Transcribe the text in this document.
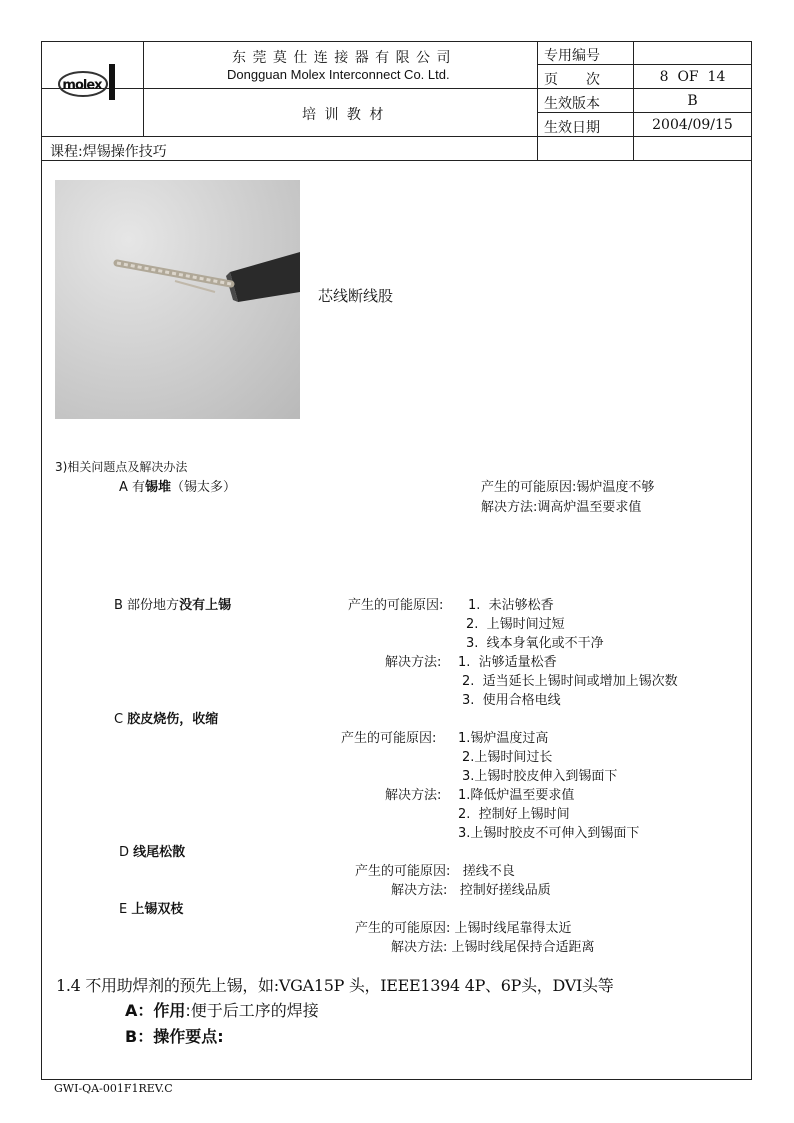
molex
东 莞 莫 仕 连 接 器 有 限 公 司
Dongguan Molex Interconnect Co. Ltd.
培 训 教 材
课程:焊锡操作技巧
专用编号
页　　次
生效版本
生效日期
8  OF  14
B
2004/09/15
芯线断线股
3)相关问题点及解决办法
A 有锡堆（锡太多）	产生的可能原因:锡炉温度不够
解决方法:调高炉温至要求值
B 部份地方没有上锡	产生的可能原因: 1.  未沾够松香
2.  上锡时间过短
3.  线本身氧化或不干净
解决方法: 1.  沾够适量松香
2.  适当延长上锡时间或增加上锡次数
3.  使用合格电线
C 胶皮烧伤，收缩
产生的可能原因: 1.锡炉温度过高
2.上锡时间过长
3.上锡时胶皮伸入到锡面下
解决方法: 1.降低炉温至要求值
2.  控制好上锡时间
3.上锡时胶皮不可伸入到锡面下
D 线尾松散
产生的可能原因:   搓线不良
解决方法:   控制好搓线品质
E 上锡双枝
产生的可能原因: 上锡时线尾靠得太近
解决方法: 上锡时线尾保持合适距离
1.4 不用助焊剂的预先上锡，如:VGA15P 头，IEEE1394 4P、6P头，DVI头等
A：作用:便于后工序的焊接
B：操作要点:
GWI-QA-001F1REV.C
